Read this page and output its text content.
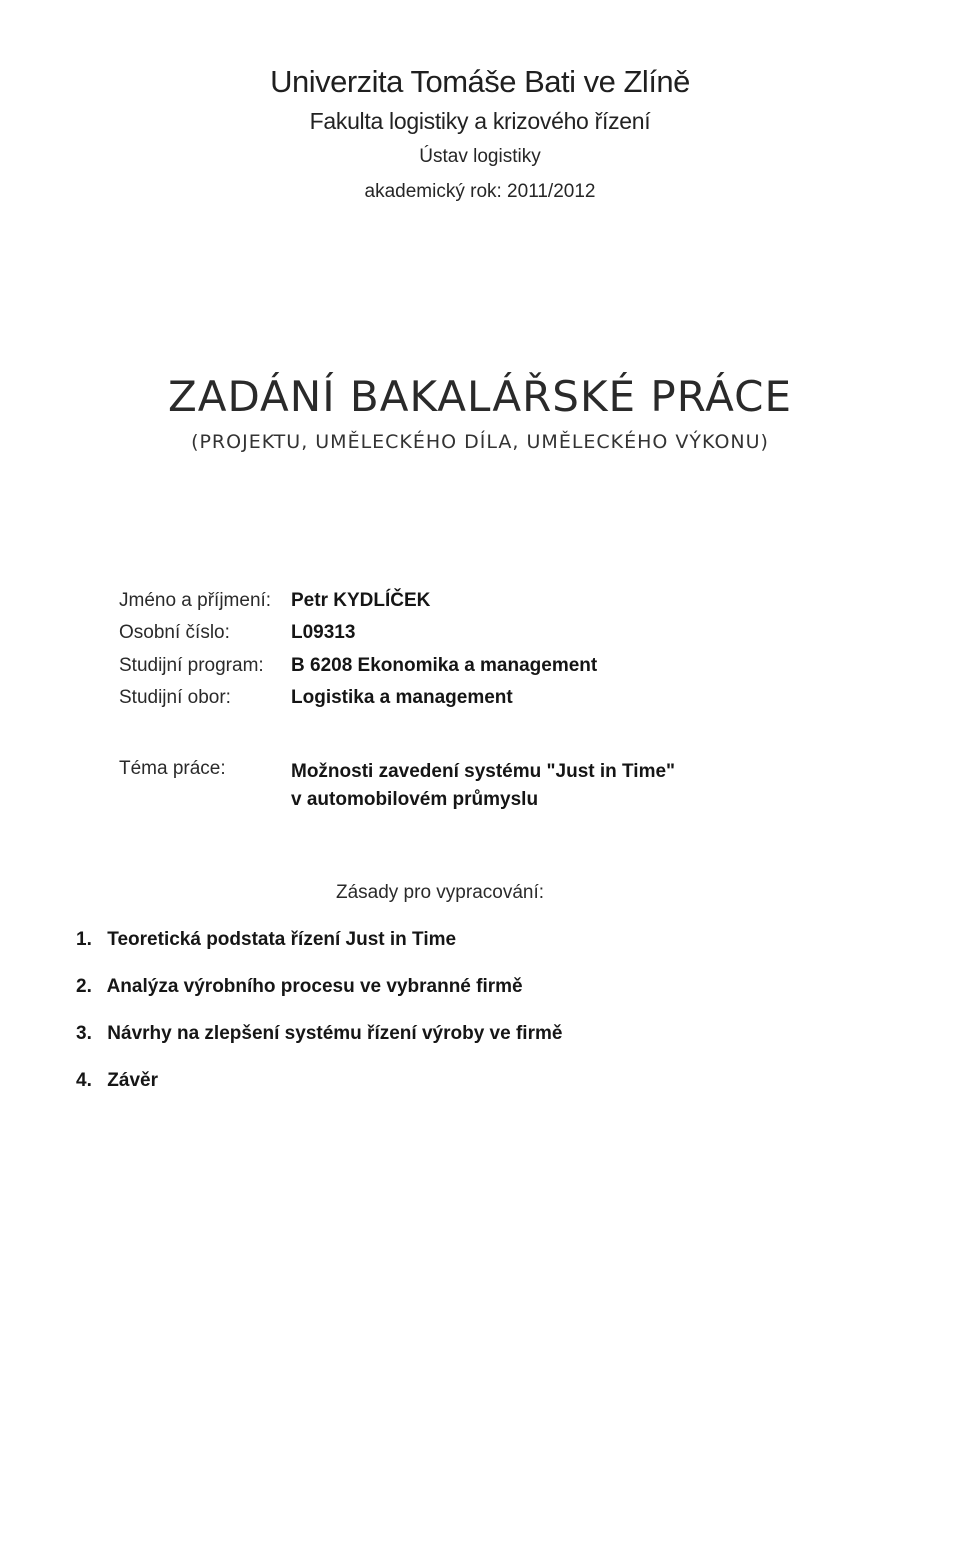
Univerzita Tomáše Bati ve Zlíně
Fakulta logistiky a krizového řízení
Ústav logistiky
akademický rok: 2011/2012
ZADÁNÍ BAKALÁŘSKÉ PRÁCE
(PROJEKTU, UMĚLECKÉHO DÍLA, UMĚLECKÉHO VÝKONU)
Jméno a příjmení:	Petr KYDLÍČEK
Osobní číslo:	L09313
Studijní program:	B 6208 Ekonomika a management
Studijní obor:	Logistika a management
Téma práce:	Možnosti zavedení systému "Just in Time"
v automobilovém průmyslu
Zásady pro vypracování:
1. Teoretická podstata řízení Just in Time
2. Analýza výrobního procesu ve vybranné firmě
3. Návrhy na zlepšení systému řízení výroby ve firmě
4. Závěr
